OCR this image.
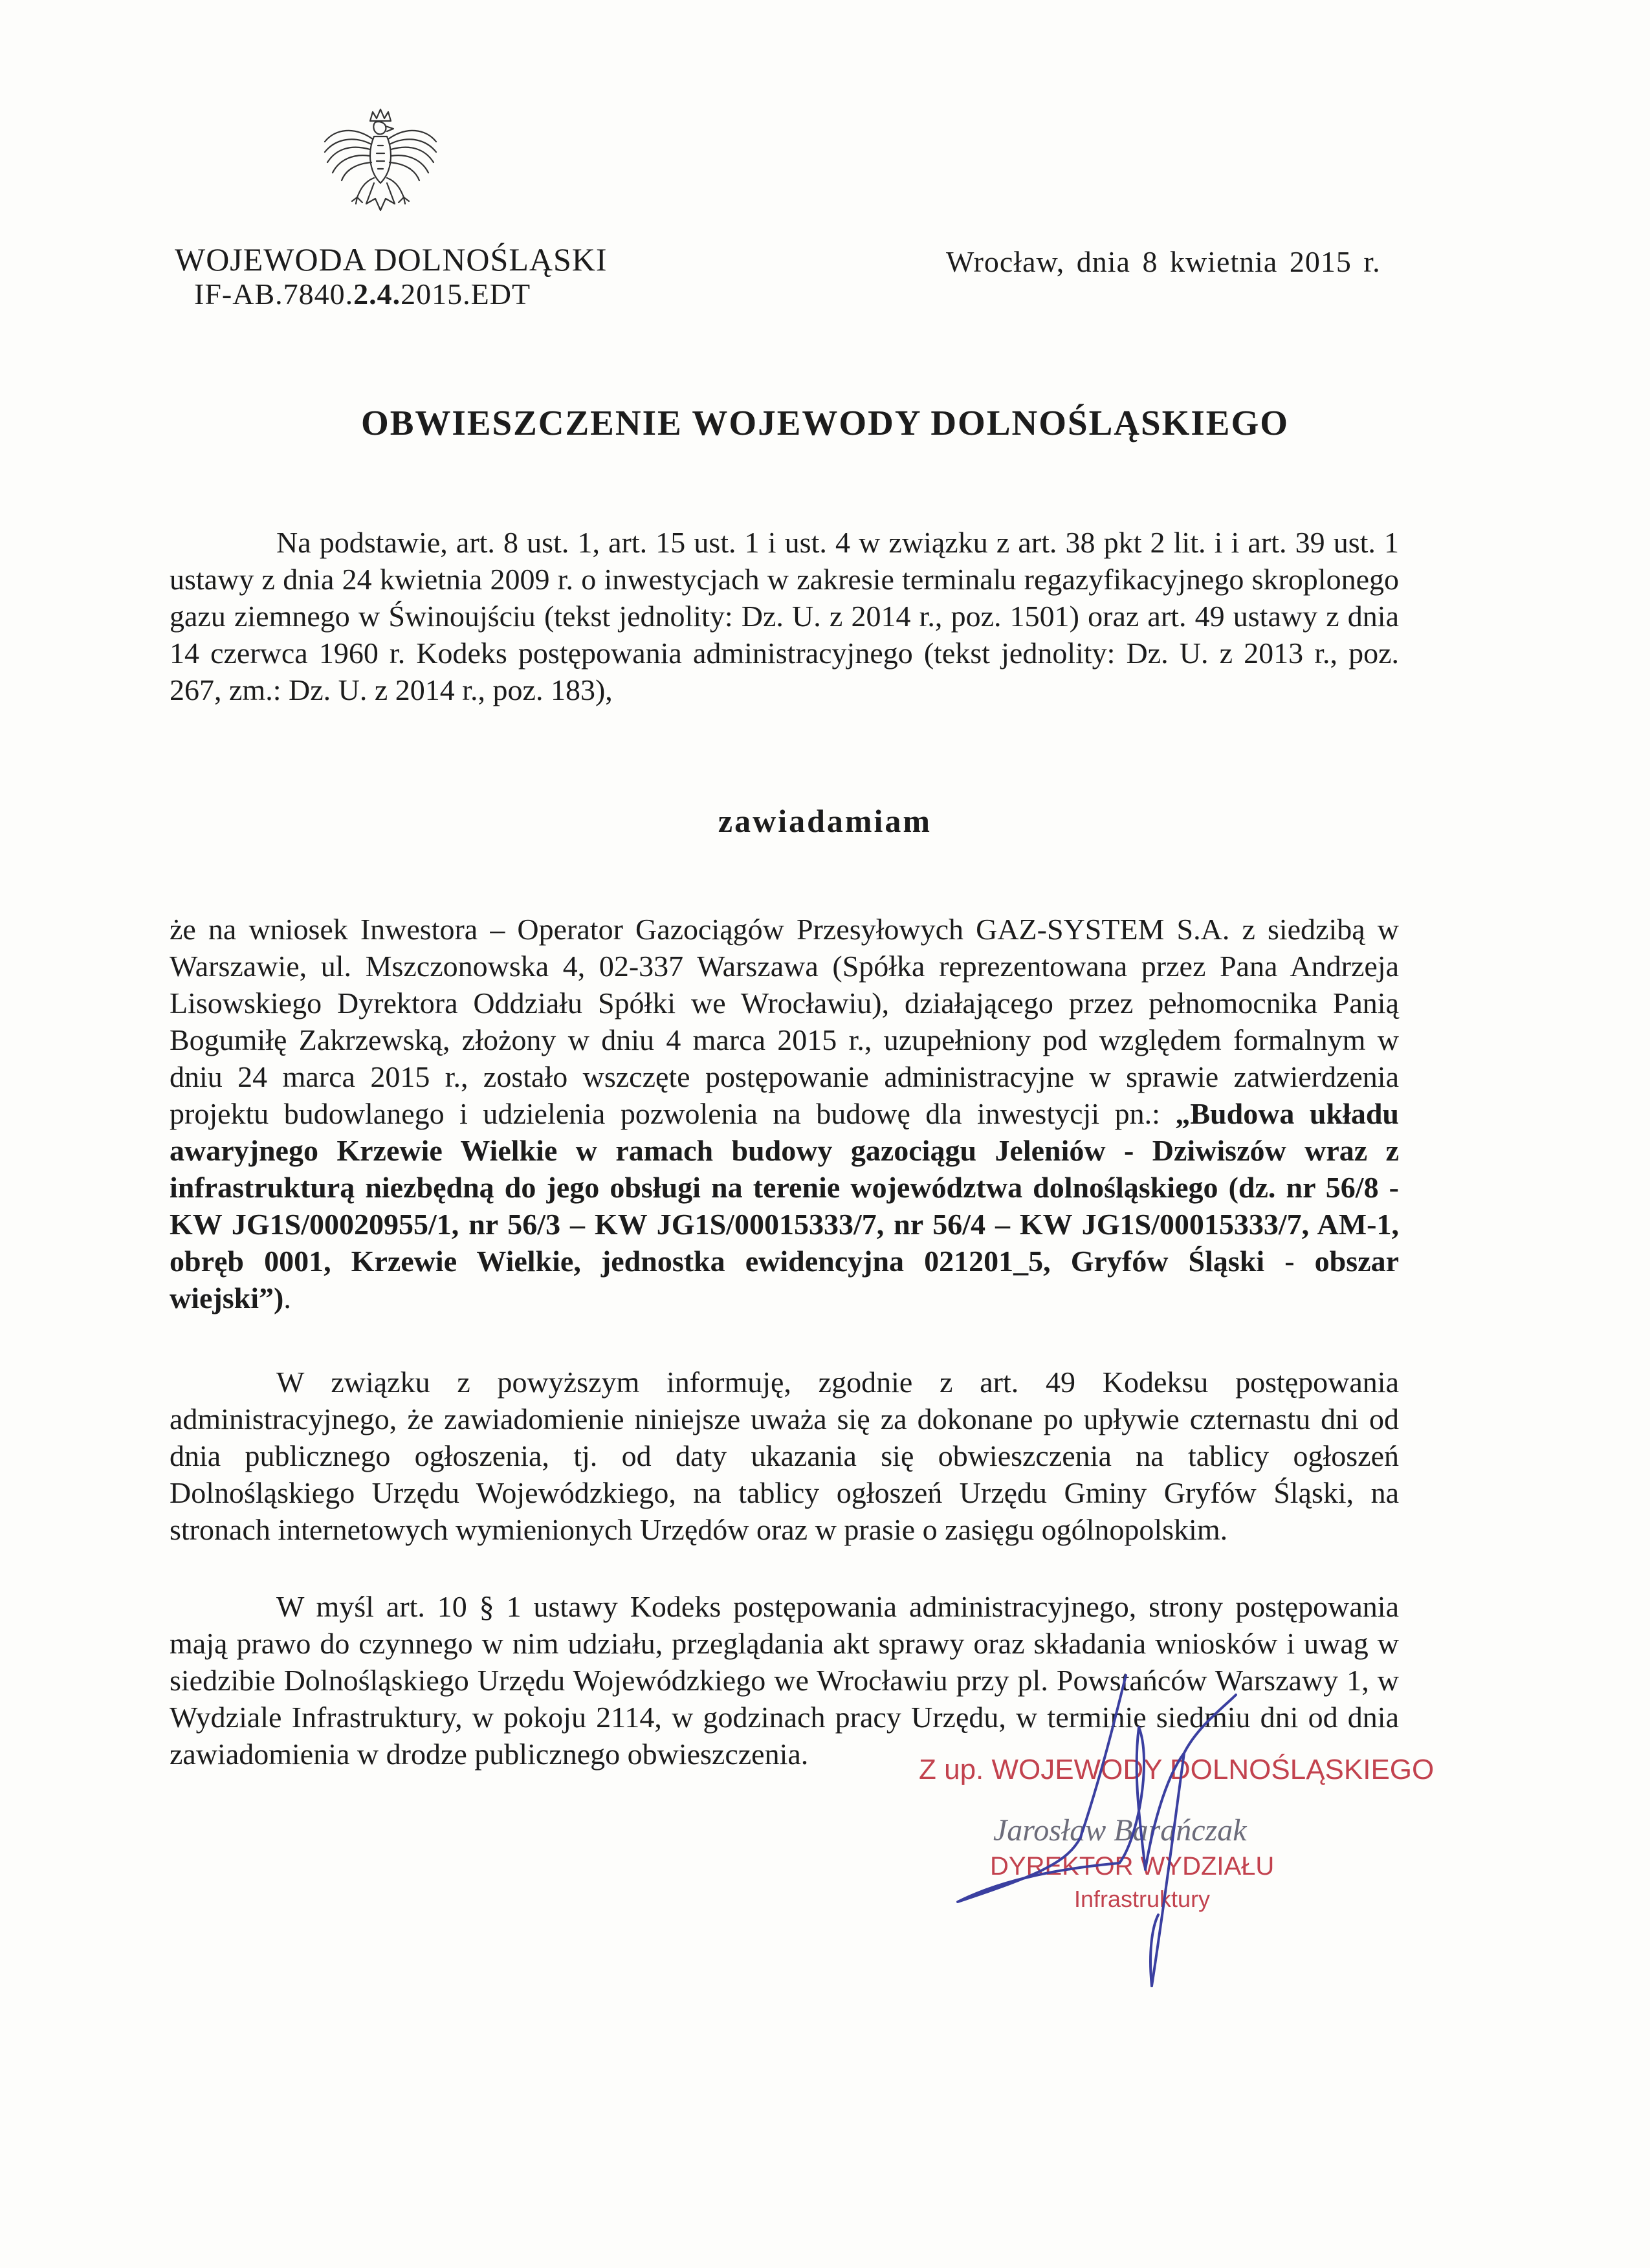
WOJEWODA DOLNOŚLĄSKI
IF-AB.7840.2.4.2015.EDT
Wrocław, dnia 8 kwietnia 2015 r.
OBWIESZCZENIE WOJEWODY DOLNOŚLĄSKIEGO
Na podstawie, art. 8 ust. 1, art. 15 ust. 1 i ust. 4 w związku z art. 38 pkt 2 lit. i i art. 39 ust. 1 ustawy z dnia 24 kwietnia 2009 r. o inwestycjach w zakresie terminalu regazyfikacyjnego skroplonego gazu ziemnego w Świnoujściu (tekst jednolity: Dz. U. z 2014 r., poz. 1501) oraz art. 49 ustawy z dnia 14 czerwca 1960 r. Kodeks postępowania administracyjnego (tekst jednolity: Dz. U. z 2013 r., poz. 267, zm.: Dz. U. z 2014 r., poz. 183),
zawiadamiam
że na wniosek Inwestora – Operator Gazociągów Przesyłowych GAZ-SYSTEM S.A. z siedzibą w Warszawie, ul. Mszczonowska 4, 02-337 Warszawa (Spółka reprezentowana przez Pana Andrzeja Lisowskiego Dyrektora Oddziału Spółki we Wrocławiu), działającego przez pełnomocnika Panią Bogumiłę Zakrzewską, złożony w dniu 4 marca 2015 r., uzupełniony pod względem formalnym w dniu 24 marca 2015 r., zostało wszczęte postępowanie administracyjne w sprawie zatwierdzenia projektu budowlanego i udzielenia pozwolenia na budowę dla inwestycji pn.: „Budowa układu awaryjnego Krzewie Wielkie w ramach budowy gazociągu Jeleniów - Dziwiszów wraz z infrastrukturą niezbędną do jego obsługi na terenie województwa dolnośląskiego (dz. nr 56/8 - KW JG1S/00020955/1, nr 56/3 – KW JG1S/00015333/7, nr 56/4 – KW JG1S/00015333/7, AM-1, obręb 0001, Krzewie Wielkie, jednostka ewidencyjna 021201_5, Gryfów Śląski - obszar wiejski”).
W związku z powyższym informuję, zgodnie z art. 49 Kodeksu postępowania administracyjnego, że zawiadomienie niniejsze uważa się za dokonane po upływie czternastu dni od dnia publicznego ogłoszenia, tj. od daty ukazania się obwieszczenia na tablicy ogłoszeń Dolnośląskiego Urzędu Wojewódzkiego, na tablicy ogłoszeń Urzędu Gminy Gryfów Śląski, na stronach internetowych wymienionych Urzędów oraz w prasie o zasięgu ogólnopolskim.
W myśl art. 10 § 1 ustawy Kodeks postępowania administracyjnego, strony postępowania mają prawo do czynnego w nim udziału, przeglądania akt sprawy oraz składania wniosków i uwag w siedzibie Dolnośląskiego Urzędu Wojewódzkiego we Wrocławiu przy pl. Powstańców Warszawy 1, w Wydziale Infrastruktury, w pokoju 2114, w godzinach pracy Urzędu, w terminie siedmiu dni od dnia zawiadomienia w drodze publicznego obwieszczenia.	Z up. WOJEWODY DOLNOŚLĄSKIEGO
Jarosław Barańczak
DYREKTOR WYDZIAŁU
Infrastruktury
